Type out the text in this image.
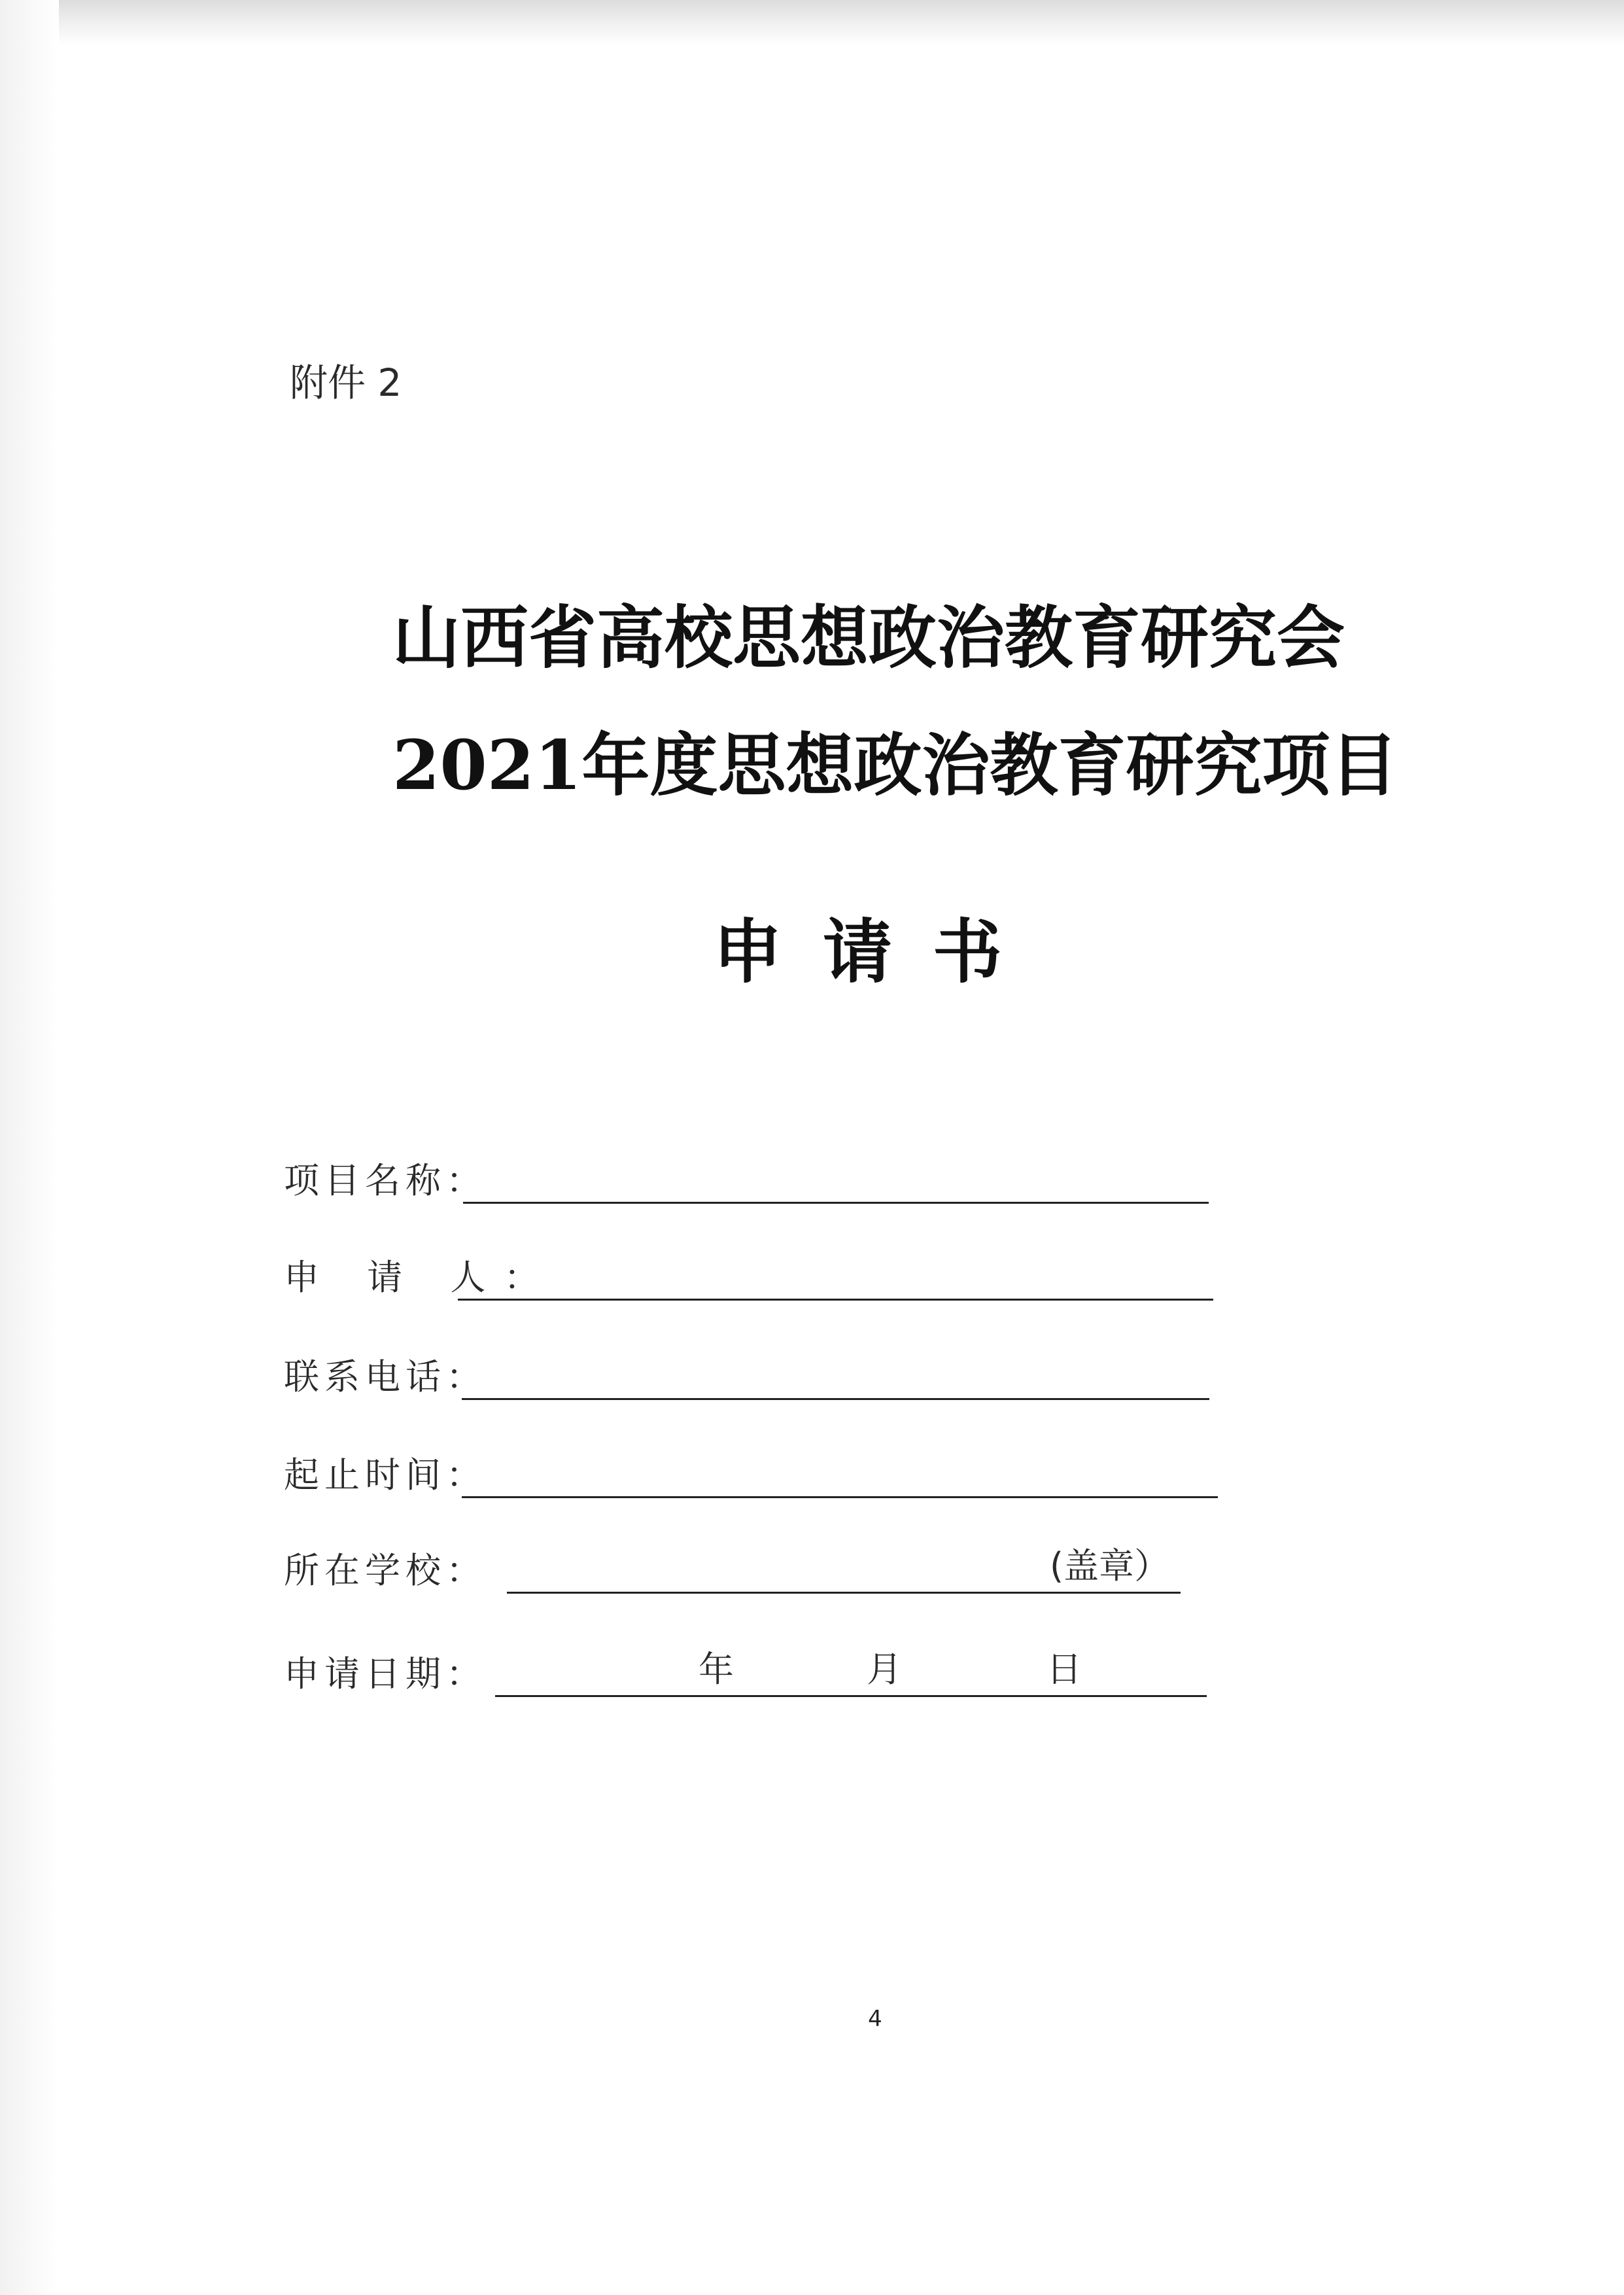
附件 2

山西省高校思想政治教育研究会
2021年度思想政治教育研究项目
申请书
项目名称：
申 请 人：
联系电话：
起止时间：
所在学校：	(盖章）
申请日期：	年	月	日

4
